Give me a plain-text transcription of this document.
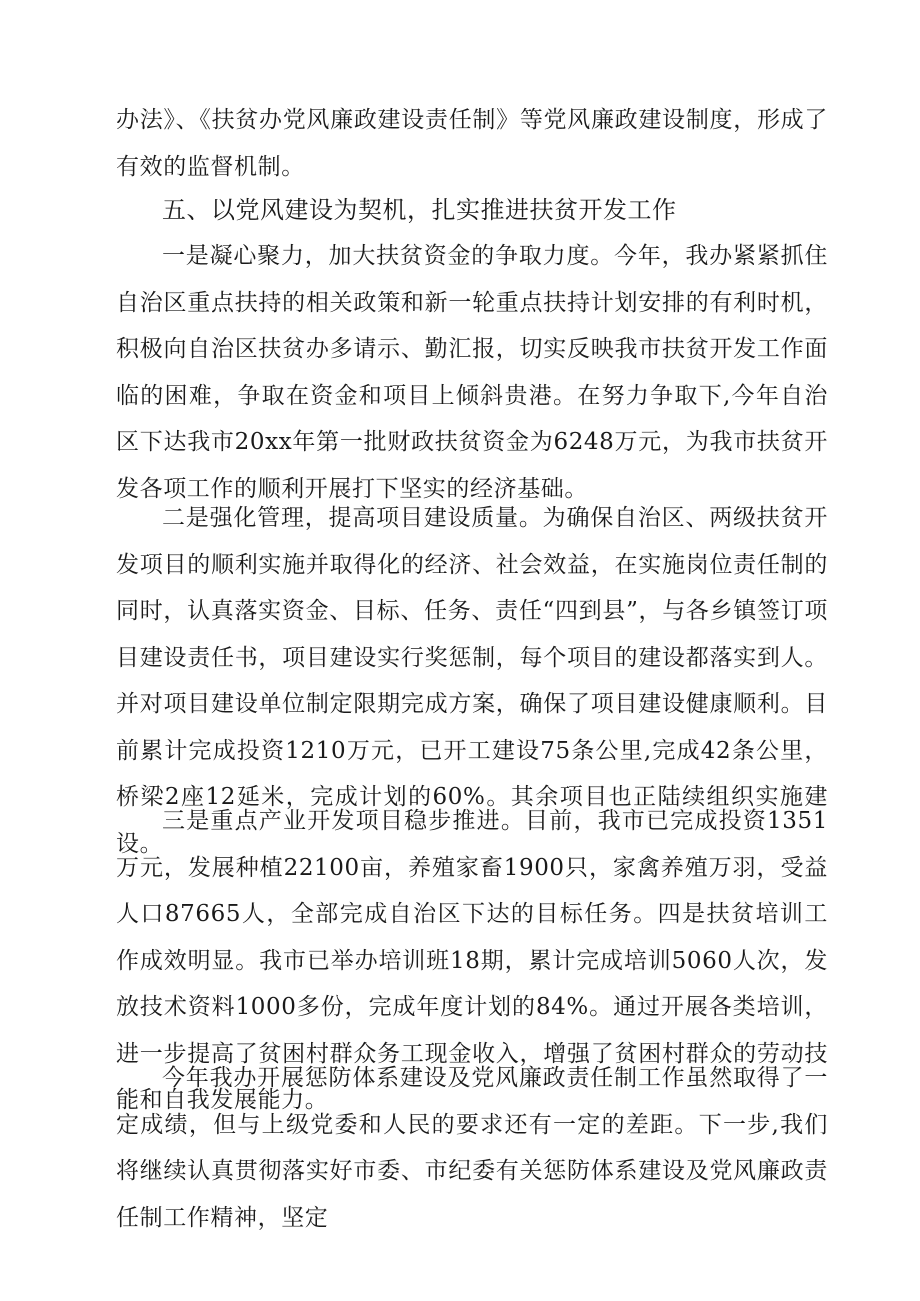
办法》、《扶贫办党风廉政建设责任制》等党风廉政建设制度，形成了有效的监督机制。

五、以党风建设为契机，扎实推进扶贫开发工作

一是凝心聚力，加大扶贫资金的争取力度。今年，我办紧紧抓住自治区重点扶持的相关政策和新一轮重点扶持计划安排的有利时机，积极向自治区扶贫办多请示、勤汇报，切实反映我市扶贫开发工作面临的困难，争取在资金和项目上倾斜贵港。在努力争取下,今年自治区下达我市20xx年第一批财政扶贫资金为6248万元，为我市扶贫开发各项工作的顺利开展打下坚实的经济基础。

二是强化管理，提高项目建设质量。为确保自治区、两级扶贫开发项目的顺利实施并取得化的经济、社会效益，在实施岗位责任制的同时，认真落实资金、目标、任务、责任“四到县”，与各乡镇签订项目建设责任书，项目建设实行奖惩制，每个项目的建设都落实到人。并对项目建设单位制定限期完成方案，确保了项目建设健康顺利。目前累计完成投资1210万元，已开工建设75条公里,完成42条公里，桥梁2座12延米，完成计划的60%。其余项目也正陆续组织实施建设。

三是重点产业开发项目稳步推进。目前，我市已完成投资1351万元，发展种植22100亩，养殖家畜1900只，家禽养殖万羽，受益人口87665人，全部完成自治区下达的目标任务。四是扶贫培训工作成效明显。我市已举办培训班18期，累计完成培训5060人次，发放技术资料1000多份，完成年度计划的84%。通过开展各类培训，进一步提高了贫困村群众务工现金收入，增强了贫困村群众的劳动技能和自我发展能力。

今年我办开展惩防体系建设及党风廉政责任制工作虽然取得了一定成绩，但与上级党委和人民的要求还有一定的差距。下一步,我们将继续认真贯彻落实好市委、市纪委有关惩防体系建设及党风廉政责任制工作精神，坚定
